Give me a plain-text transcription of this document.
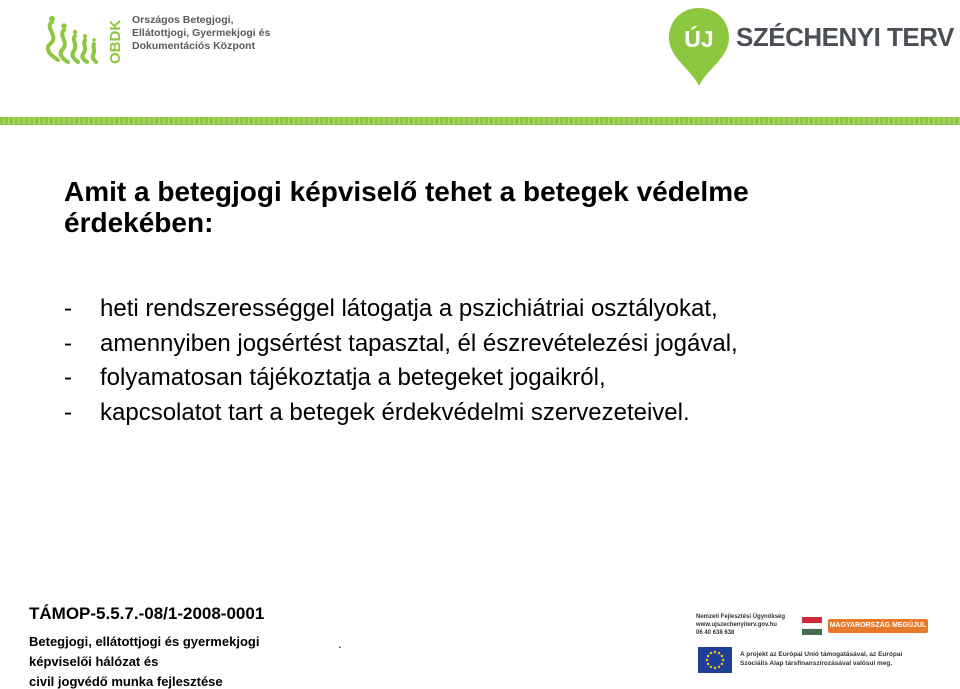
OBDK Országos Betegjogi,
Ellátottjogi, Gyermekjogi és
Dokumentációs Központ	ÚJ SZÉCHENYI TERV
Amit a betegjogi képviselő tehet a betegek védelme érdekében:
-	heti rendszerességgel látogatja a pszichiátriai osztályokat,
-	amennyiben jogsértést tapasztal, él észrevételezési jogával,
-	folyamatosan tájékoztatja a betegeket jogaikról,
-	kapcsolatot tart a betegek érdekvédelmi szervezeteivel.
TÁMOP-5.5.7.-08/1-2008-0001
Betegjogi, ellátottjogi és gyermekjogi
képviselői hálózat és
civil jogvédő munka fejlesztése
.
Nemzeti Fejlesztési Ügynökség
www.ujszechenyiterv.gov.hu
06 40 638 638
MAGYARORSZÁG MEGÚJUL
A projekt az Európai Unió támogatásával, az Európai
Szociális Alap társfinanszírozásával valósul meg.
